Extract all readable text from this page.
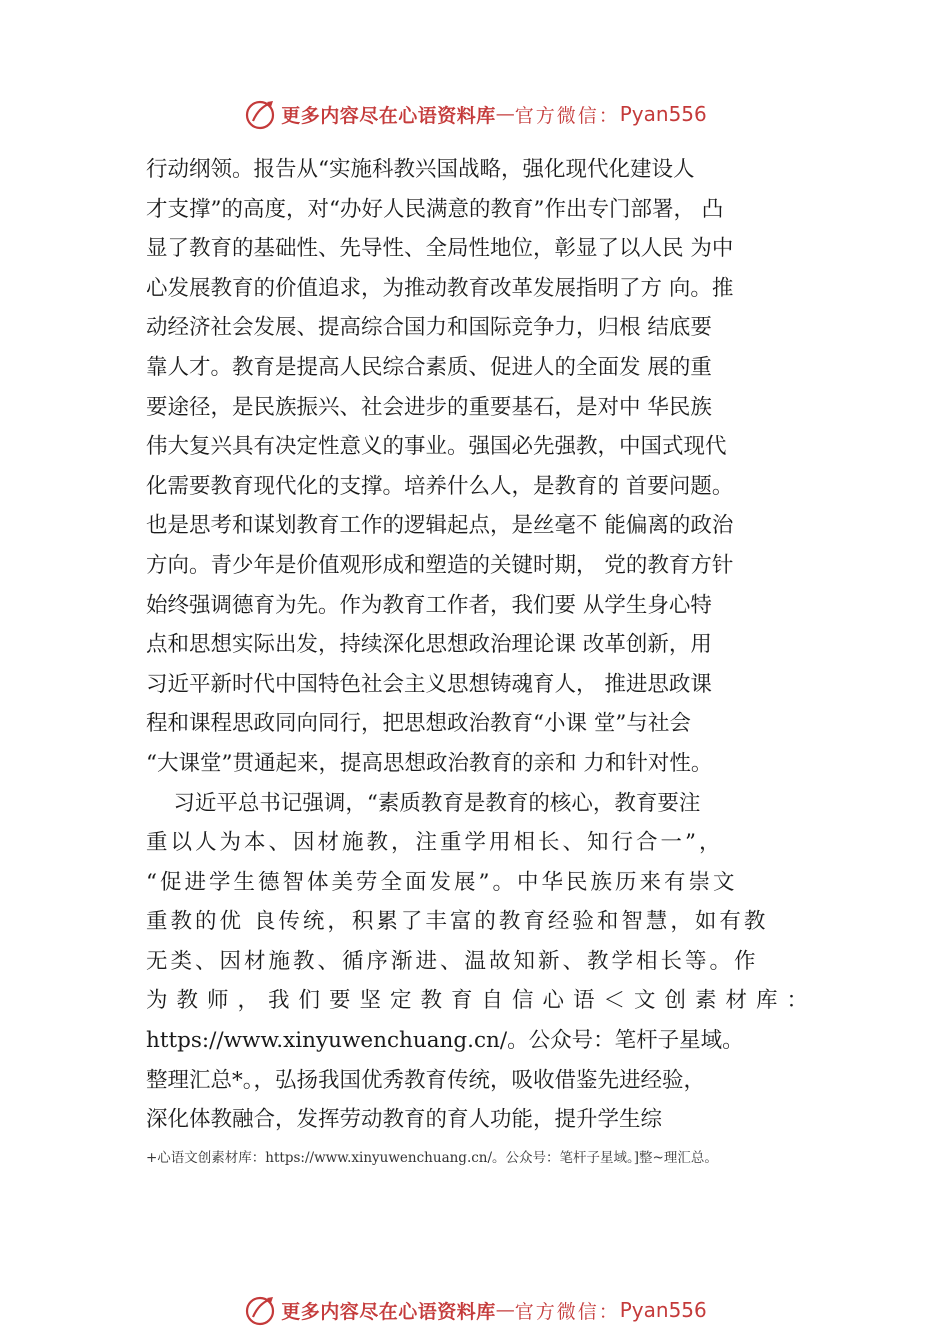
更多内容尽在心语资料库 — 官方微信： Pyan556
行动纲领。报告从“实施科教兴国战略，强化现代化建设人
才支撑”的高度，对“办好人民满意的教育”作出专门部署， 凸
显了教育的基础性、先导性、全局性地位，彰显了以人民 为中
心发展教育的价值追求，为推动教育改革发展指明了方 向。推
动经济社会发展、提高综合国力和国际竞争力，归根 结底要
靠人才。教育是提高人民综合素质、促进人的全面发 展的重
要途径，是民族振兴、社会进步的重要基石，是对中 华民族
伟大复兴具有决定性意义的事业。强国必先强教，中国式现代
化需要教育现代化的支撑。培养什么人，是教育的 首要问题。
也是思考和谋划教育工作的逻辑起点，是丝毫不 能偏离的政治
方向。青少年是价值观形成和塑造的关键时期， 党的教育方针
始终强调德育为先。作为教育工作者，我们要 从学生身心特
点和思想实际出发，持续深化思想政治理论课 改革创新，用
习近平新时代中国特色社会主义思想铸魂育人， 推进思政课
程和课程思政同向同行，把思想政治教育“小课 堂”与社会
“大课堂”贯通起来，提高思想政治教育的亲和 力和针对性。
习近平总书记强调，“素质教育是教育的核心，教育要注
重以人为本、因材施教，注重学用相长、知行合一”，
“促进学生德智体美劳全面发展”。中华民族历来有崇文
重教的优 良传统，积累了丰富的教育经验和智慧，如有教
无类、因材施教、循序渐进、温故知新、教学相长等。作
为教师，我们要坚定教育自信心语＜文创素材库：
https://www.xinyuwenchuang.cn/。公众号：笔杆子星域。
整理汇总*。，弘扬我国优秀教育传统，吸收借鉴先进经验，
深化体教融合，发挥劳动教育的育人功能，提升学生综
+心语文创素材库：https://www.xinyuwenchuang.cn/。公众号：笔杆子星域。]整~理汇总。
更多内容尽在心语资料库 — 官方微信： Pyan556
